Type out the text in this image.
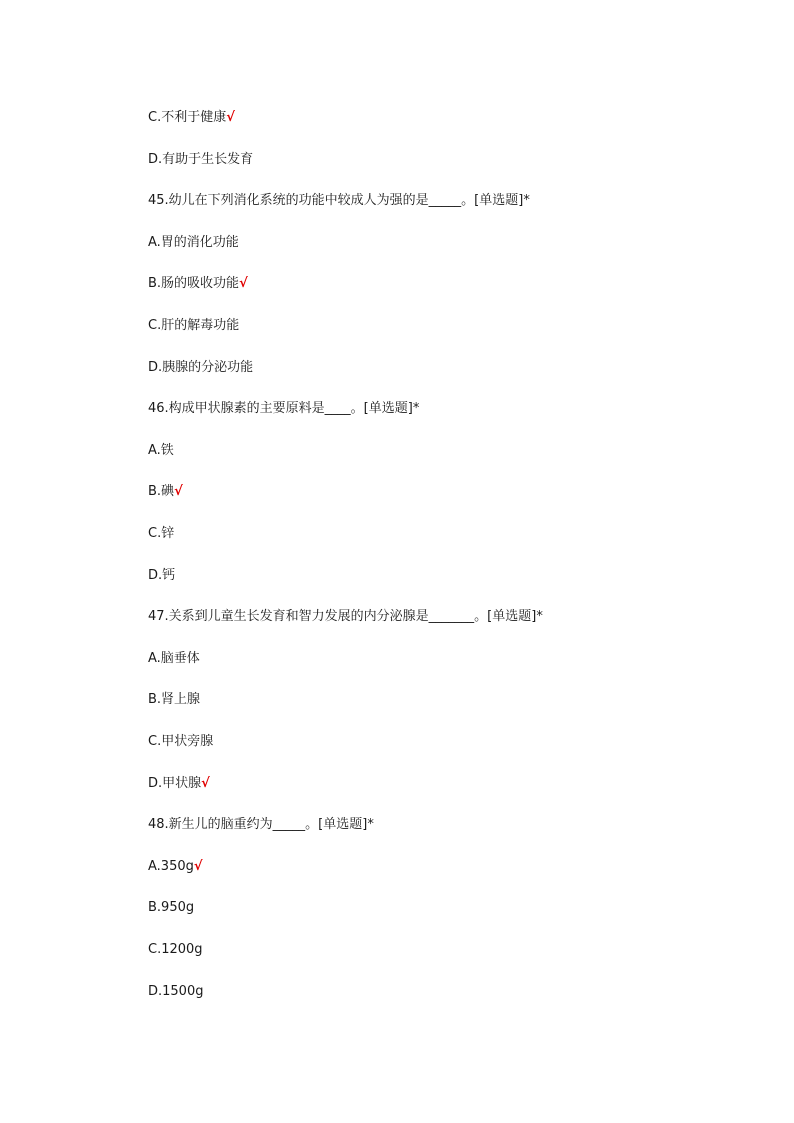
C.不利于健康√
D.有助于生长发育
45.幼儿在下列消化系统的功能中较成人为强的是_____。[单选题]*
A.胃的消化功能
B.肠的吸收功能√
C.肝的解毒功能
D.胰腺的分泌功能
46.构成甲状腺素的主要原料是____。[单选题]*
A.铁
B.碘√
C.锌
D.钙
47.关系到儿童生长发育和智力发展的内分泌腺是_______。[单选题]*
A.脑垂体
B.肾上腺
C.甲状旁腺
D.甲状腺√
48.新生儿的脑重约为_____。[单选题]*
A.350g√
B.950g
C.1200g
D.1500g
